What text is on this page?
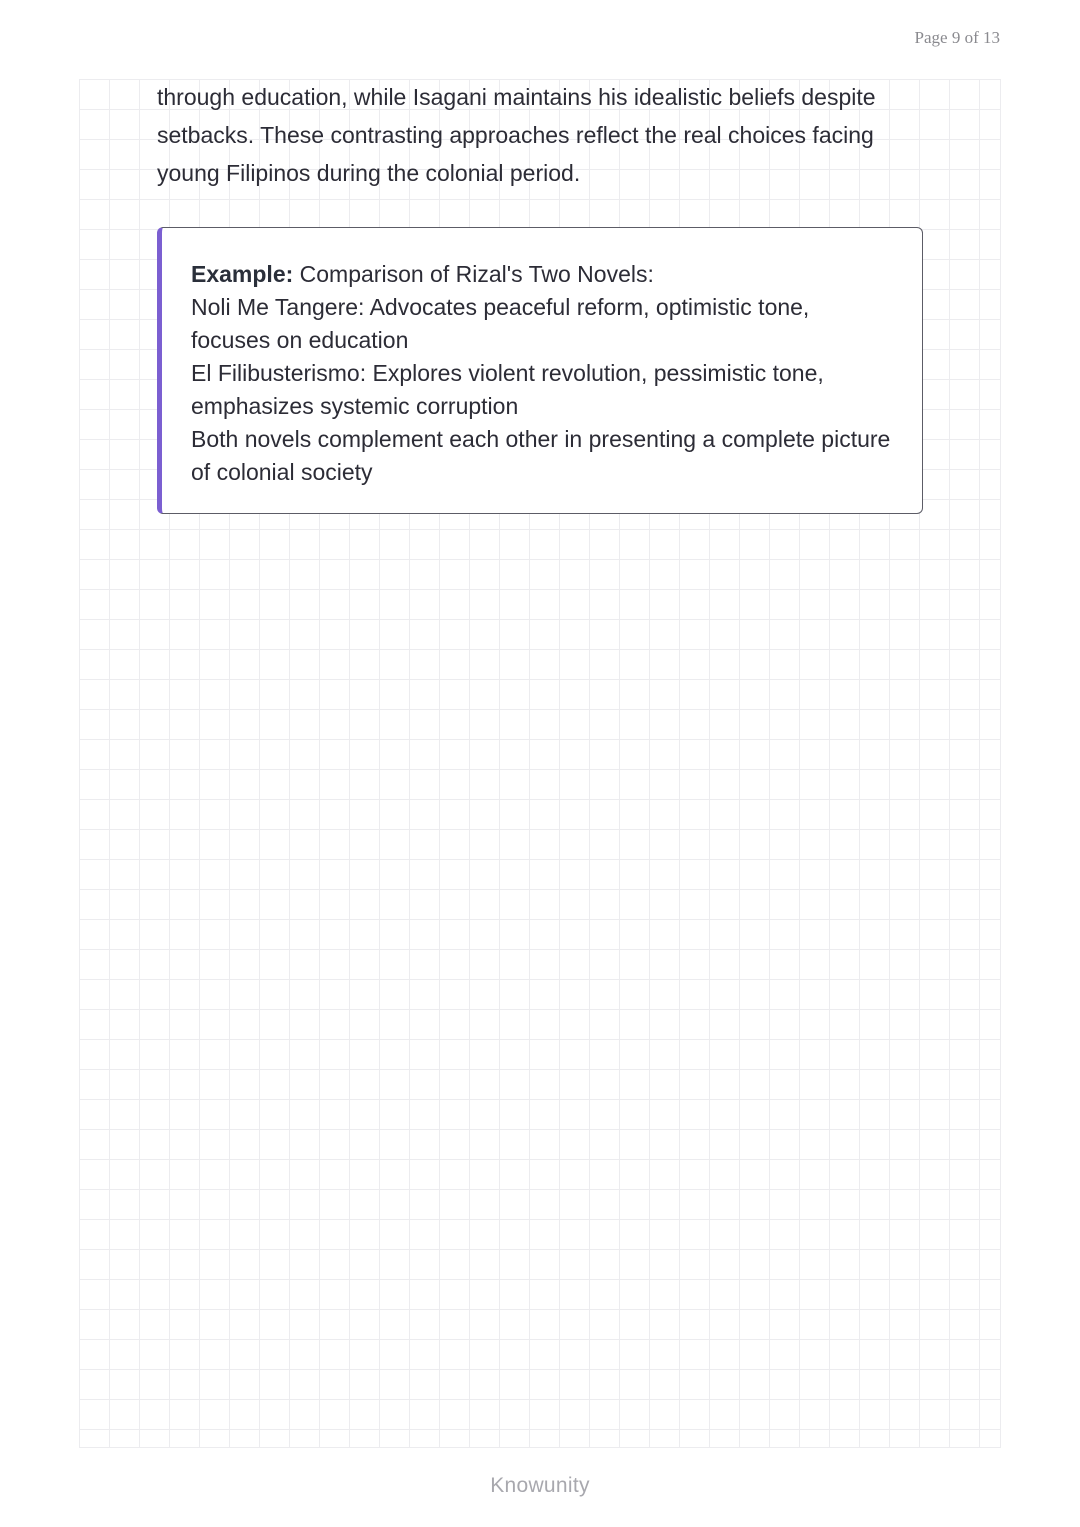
Page 9 of 13

through education, while Isagani maintains his idealistic beliefs despite setbacks. These contrasting approaches reflect the real choices facing young Filipinos during the colonial period.

Example: Comparison of Rizal's Two Novels:
Noli Me Tangere: Advocates peaceful reform, optimistic tone, focuses on education
El Filibusterismo: Explores violent revolution, pessimistic tone, emphasizes systemic corruption
Both novels complement each other in presenting a complete picture of colonial society

Knowunity
